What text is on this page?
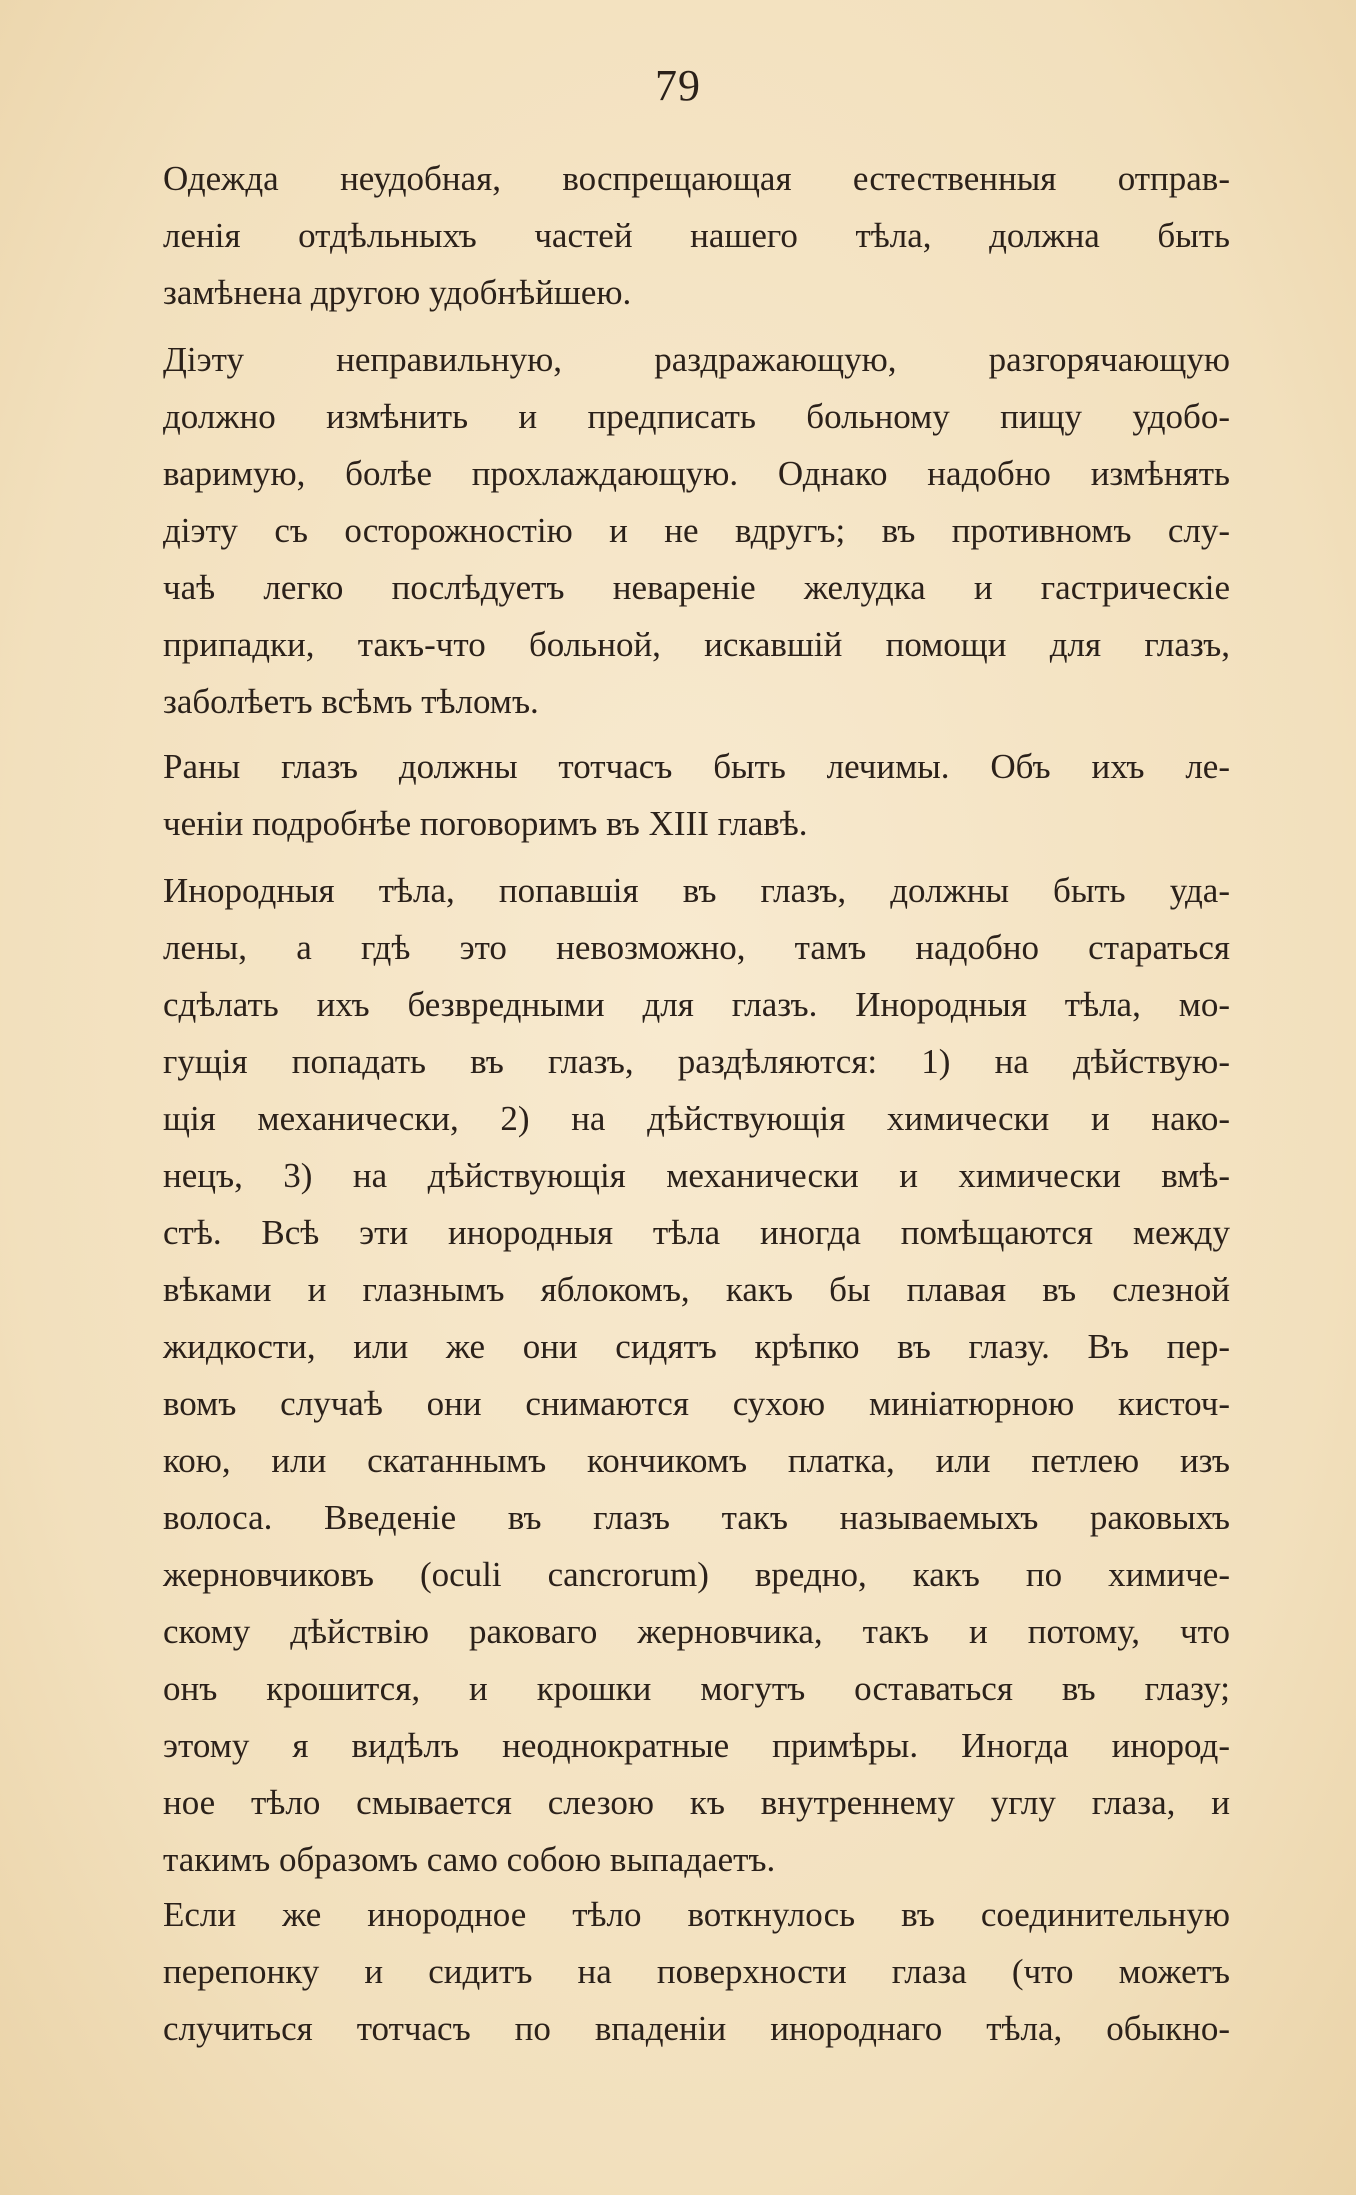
79
Одежда неудобная, воспрещающая естественныя отправ-
ленія отдѣльныхъ частей нашего тѣла, должна быть
замѣнена другою удобнѣйшею.
Діэту неправильную, раздражающую, разгорячающую
должно измѣнить и предписать больному пищу удобо-
варимую, болѣе прохлаждающую. Однако надобно измѣнять
діэту съ осторожностію и не вдругъ; въ противномъ слу-
чаѣ легко послѣдуетъ невареніе желудка и гастрическіе
припадки, такъ-что больной, искавшій помощи для глазъ,
заболѣетъ всѣмъ тѣломъ.
Раны глазъ должны тотчасъ быть лечимы. Объ ихъ ле-
ченіи подробнѣе поговоримъ въ XIII главѣ.
Инородныя тѣла, попавшія въ глазъ, должны быть уда-
лены, а гдѣ это невозможно, тамъ надобно стараться
сдѣлать ихъ безвредными для глазъ. Инородныя тѣла, мо-
гущія попадать въ глазъ, раздѣляются: 1) на дѣйствую-
щія механически, 2) на дѣйствующія химически и нако-
нецъ, 3) на дѣйствующія механически и химически вмѣ-
стѣ. Всѣ эти инородныя тѣла иногда помѣщаются между
вѣками и глазнымъ яблокомъ, какъ бы плавая въ слезной
жидкости, или же они сидятъ крѣпко въ глазу. Въ пер-
вомъ случаѣ они снимаются сухою миніатюрною кисточ-
кою, или скатаннымъ кончикомъ платка, или петлею изъ
волоса. Введеніе въ глазъ такъ называемыхъ раковыхъ
жерновчиковъ (oculi cancrorum) вредно, какъ по химиче-
скому дѣйствію раковаго жерновчика, такъ и потому, что
онъ крошится, и крошки могутъ оставаться въ глазу;
этому я видѣлъ неоднократные примѣры. Иногда инород-
ное тѣло смывается слезою къ внутреннему углу глаза, и
такимъ образомъ само собою выпадаетъ.
Если же инородное тѣло воткнулось въ соединительную
перепонку и сидитъ на поверхности глаза (что можетъ
случиться тотчасъ по впаденіи инороднаго тѣла, обыкно-
